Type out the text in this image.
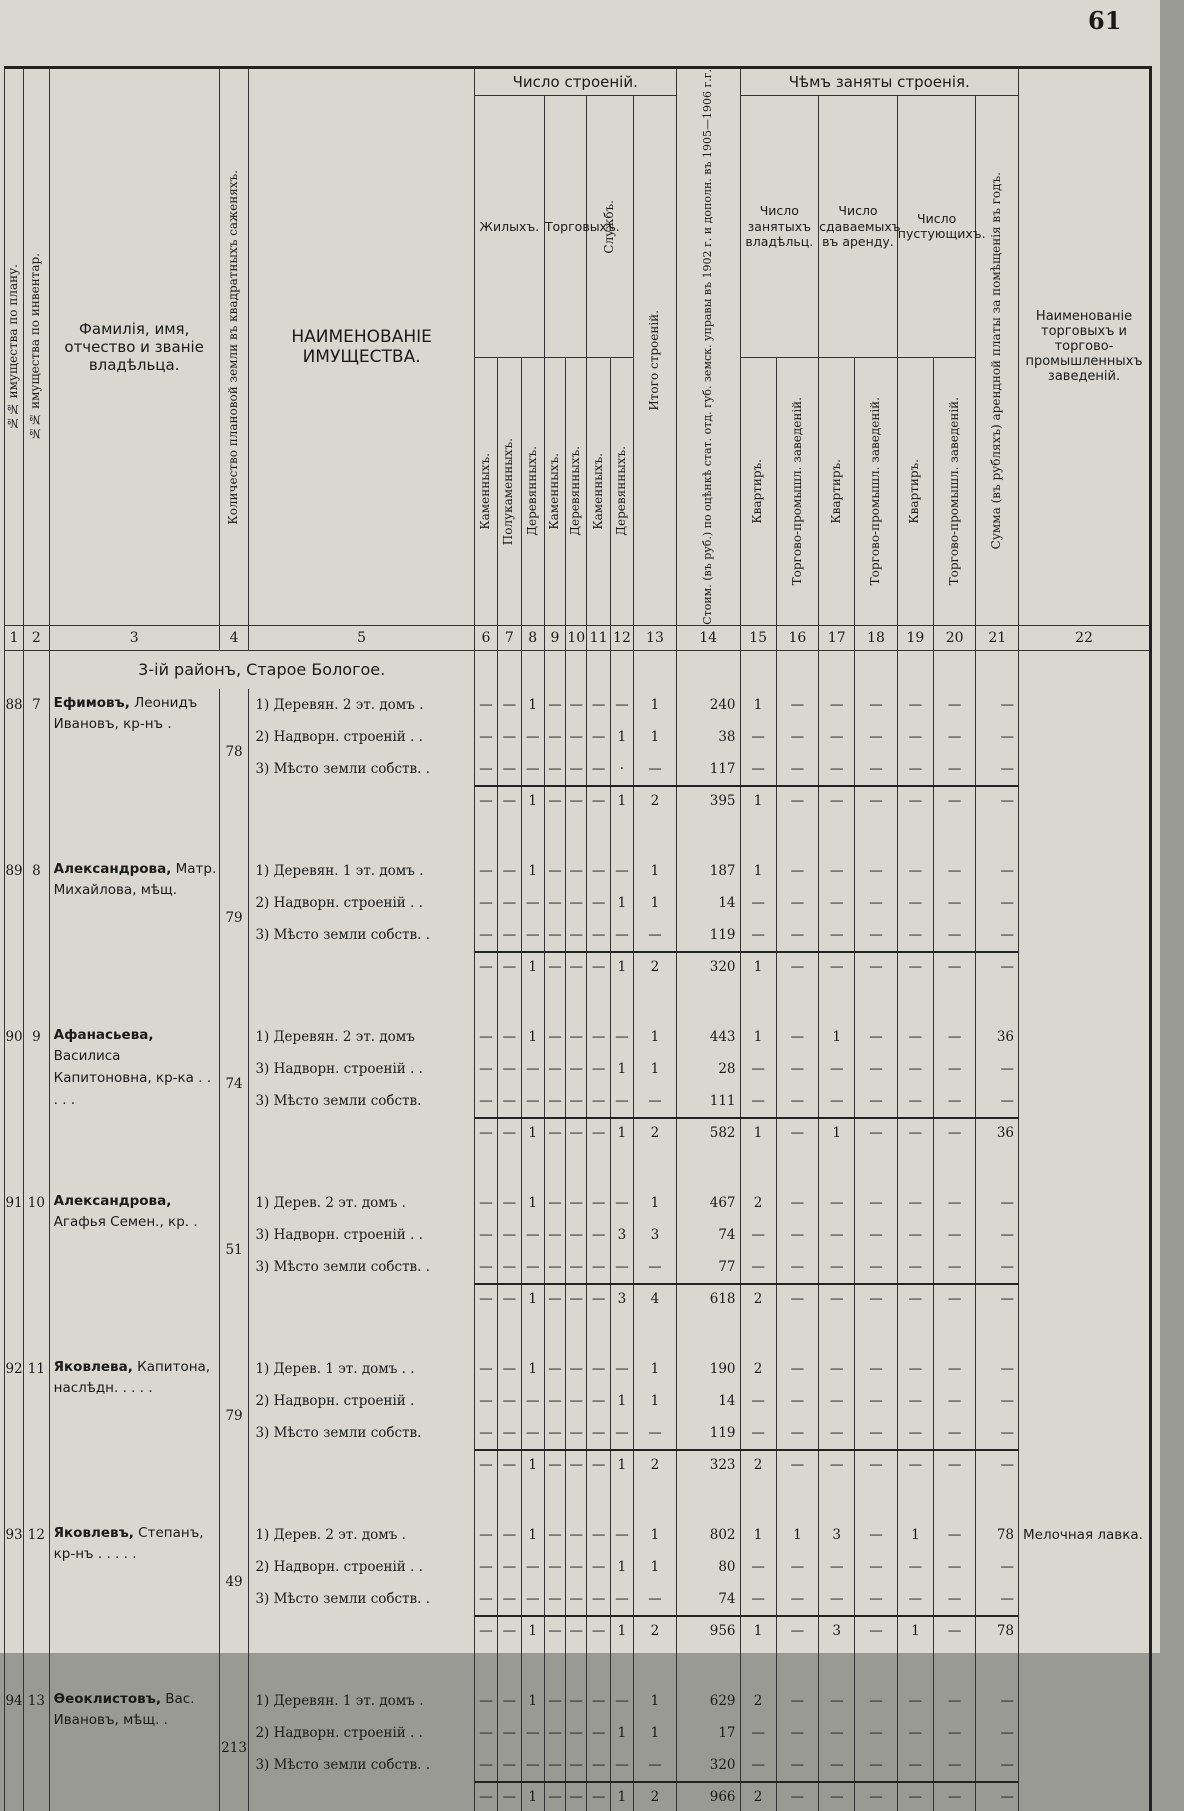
61
№№ имущества по плану.	№№ имущества по инвентар.	Фамилія, имя, отчество и званіе владѣльца.	Количество плановой земли въ квадратныхъ саженяхъ.	НАИМЕНОВАНІЕ ИМУЩЕСТВА.	Число строеній.								Стоим. (въ руб.) по оцѣнкѣ стат. отд. губ. земск. управы въ 1902 г. и дополн. въ 1905—1906 г.г.	Чѣмъ заняты строенія.							Наименованіе торговыхъ и торгово-промышленныхъ заведеній.
					Жилыхъ.			Торговыхъ.		Службъ.		Итого строеній.		Число занятыхъ владѣльц.		Число сдаваемыхъ въ аренду.		Число пустующихъ.		Сумма (въ рубляхъ) арендной платы за помѣщенія въ годъ.	

					Каменныхъ.	Полукаменныхъ.	Деревянныхъ.	Каменныхъ.	Деревянныхъ.	Каменныхъ.	Деревянныхъ.			Квартиръ.	Торгово-промышл. заведеній.	Квартиръ.	Торгово-промышл. заведеній.	Квартиръ.	Торгово-промышл. заведеній.		

1	2	3	4	5	6	7	8	9	10	11	12	13	14	15	16	17	18	19	20	21	22
		3-ій районъ, Старое Бологое.																			
88	7	Ефимовъ, Леонидъ Ивановъ, кр-нъ .	78	1) Деревян. 2 эт. домъ .	—	—	1	—	—	—	—	1	240	1	—	—	—	—	—	—	
				2) Надворн. строеній . .	—	—	—	—	—	—	1	1	38	—	—	—	—	—	—	—	
				3) Мѣсто земли собств. .	—	—	—	—	—	—	·	—	117	—	—	—	—	—	—	—	
					—	—	1	—	—	—	1	2	395	1	—	—	—	—	—	—	

89	8	Александрова, Матр. Михайлова, мѣщ.	79	1) Деревян. 1 эт. домъ .	—	—	1	—	—	—	—	1	187	1	—	—	—	—	—	—	
				2) Надворн. строеній . .	—	—	—	—	—	—	1	1	14	—	—	—	—	—	—	—	
				3) Мѣсто земли собств. .	—	—	—	—	—	—	—	—	119	—	—	—	—	—	—	—	
					—	—	1	—	—	—	1	2	320	1	—	—	—	—	—	—	

90	9	Афанасьева, Василиса Капитоновна, кр-ка . . . . .	74	1) Деревян. 2 эт. домъ	—	—	1	—	—	—	—	1	443	1	—	1	—	—	—	36	
				3) Надворн. строеній . .	—	—	—	—	—	—	1	1	28	—	—	—	—	—	—	—	
				3) Мѣсто земли собств.	—	—	—	—	—	—	—	—	111	—	—	—	—	—	—	—	
					—	—	1	—	—	—	1	2	582	1	—	1	—	—	—	36	

91	10	Александрова, Агафья Семен., кр. .	51	1) Дерев. 2 эт. домъ .	—	—	1	—	—	—	—	1	467	2	—	—	—	—	—	—	
				3) Надворн. строеній . .	—	—	—	—	—	—	3	3	74	—	—	—	—	—	—	—	
				3) Мѣсто земли собств. .	—	—	—	—	—	—	—	—	77	—	—	—	—	—	—	—	
					—	—	1	—	—	—	3	4	618	2	—	—	—	—	—	—	

92	11	Яковлева, Капитона, наслѣдн. . . . .	79	1) Дерев. 1 эт. домъ . .	—	—	1	—	—	—	—	1	190	2	—	—	—	—	—	—	
				2) Надворн. строеній .	—	—	—	—	—	—	1	1	14	—	—	—	—	—	—	—	
				3) Мѣсто земли собств.	—	—	—	—	—	—	—	—	119	—	—	—	—	—	—	—	
					—	—	1	—	—	—	1	2	323	2	—	—	—	—	—	—	

93	12	Яковлевъ, Степанъ, кр-нъ . . . . .	49	1) Дерев. 2 эт. домъ .	—	—	1	—	—	—	—	1	802	1	1	3	—	1	—	78	Мелочная лавка.
				2) Надворн. строеній . .	—	—	—	—	—	—	1	1	80	—	—	—	—	—	—	—	
				3) Мѣсто земли собств. .	—	—	—	—	—	—	—	—	74	—	—	—	—	—	—	—	
					—	—	1	—	—	—	1	2	956	1	—	3	—	1	—	78	

94	13	Ѳеоклистовъ, Вас. Ивановъ, мѣщ. .	213	1) Деревян. 1 эт. домъ .	—	—	1	—	—	—	—	1	629	2	—	—	—	—	—	—	
				2) Надворн. строеній . .	—	—	—	—	—	—	1	1	17	—	—	—	—	—	—	—	
				3) Мѣсто земли собств. .	—	—	—	—	—	—	—	—	320	—	—	—	—	—	—	—	
					—	—	1	—	—	—	1	2	966	2	—	—	—	—	—	—	
